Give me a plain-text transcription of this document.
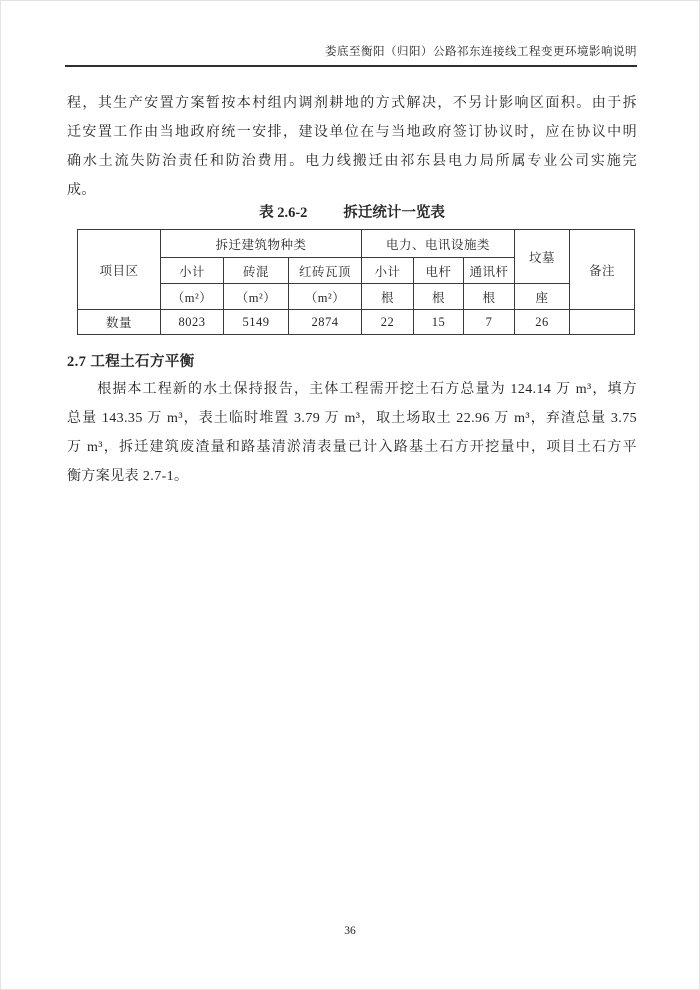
娄底至衡阳（归阳）公路祁东连接线工程变更环境影响说明
程，其生产安置方案暂按本村组内调剂耕地的方式解决，不另计影响区面积。由于拆
迁安置工作由当地政府统一安排，建设单位在与当地政府签订协议时，应在协议中明
确水土流失防治责任和防治费用。电力线搬迁由祁东县电力局所属专业公司实施完
成。
表 2.6-2 拆迁统计一览表
项目区	拆迁建筑物种类			电力、电讯设施类			坟墓	备注
	小计	砖混	红砖瓦顶	小计	电杆	通讯杆		
	（m²）	（m²）	（m²）	根	根	根	座	
数量	8023	5149	2874	22	15	7	26	
2.7 工程土石方平衡
　　根据本工程新的水土保持报告，主体工程需开挖土石方总量为 124.14 万 m³，填方
总量 143.35 万 m³，表土临时堆置 3.79 万 m³，取土场取土 22.96 万 m³，弃渣总量 3.75
万 m³，拆迁建筑废渣量和路基清淤清表量已计入路基土石方开挖量中，项目土石方平
衡方案见表 2.7-1。
36
